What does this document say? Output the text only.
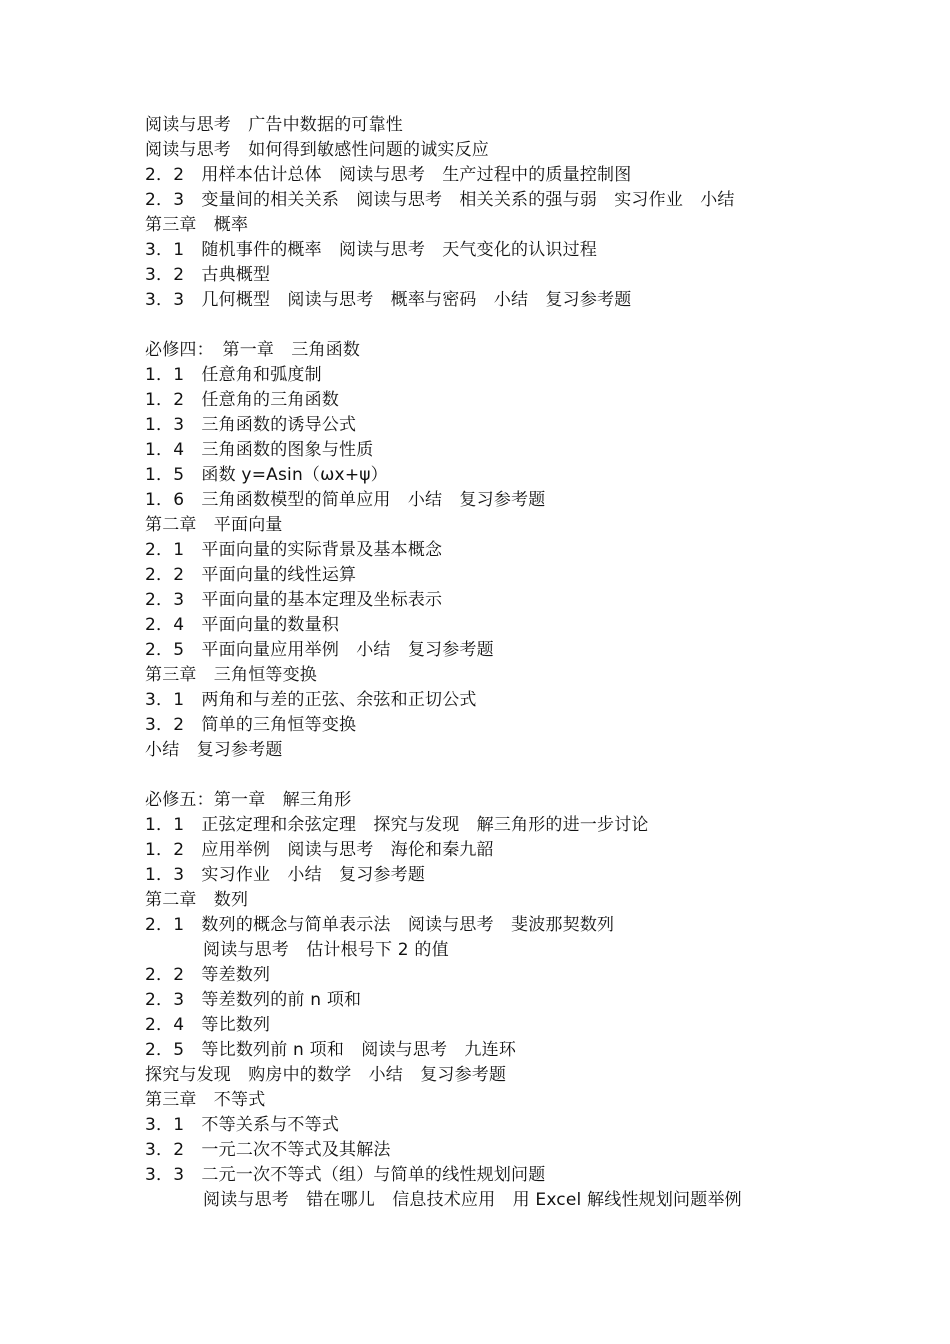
阅读与思考　广告中数据的可靠性
阅读与思考　如何得到敏感性问题的诚实反应
2．2　用样本估计总体　阅读与思考　生产过程中的质量控制图
2．3　变量间的相关关系　阅读与思考　相关关系的强与弱　实习作业　小结
第三章　概率
3．1　随机事件的概率　阅读与思考　天气变化的认识过程
3．2　古典概型
3．3　几何概型　阅读与思考　概率与密码　小结　复习参考题
必修四：　第一章　三角函数
1．1　任意角和弧度制
1．2　任意角的三角函数
1．3　三角函数的诱导公式
1．4　三角函数的图象与性质
1．5　函数 y=Asin（ωx+ψ）
1．6　三角函数模型的简单应用　小结　复习参考题
第二章　平面向量
2．1　平面向量的实际背景及基本概念
2．2　平面向量的线性运算
2．3　平面向量的基本定理及坐标表示
2．4　平面向量的数量积
2．5　平面向量应用举例　小结　复习参考题
第三章　三角恒等变换
3．1　两角和与差的正弦、余弦和正切公式
3．2　简单的三角恒等变换
小结　复习参考题
必修五：第一章　解三角形
1．1　正弦定理和余弦定理　探究与发现　解三角形的进一步讨论
1．2　应用举例　阅读与思考　海伦和秦九韶
1．3　实习作业　小结　复习参考题
第二章　数列
2．1　数列的概念与简单表示法　阅读与思考　斐波那契数列
阅读与思考　估计根号下 2 的值
2．2　等差数列
2．3　等差数列的前 n 项和
2．4　等比数列
2．5　等比数列前 n 项和　阅读与思考　九连环
探究与发现　购房中的数学　小结　复习参考题
第三章　不等式
3．1　不等关系与不等式
3．2　一元二次不等式及其解法
3．3　二元一次不等式（组）与简单的线性规划问题
阅读与思考　错在哪儿　信息技术应用　用 Excel 解线性规划问题举例
